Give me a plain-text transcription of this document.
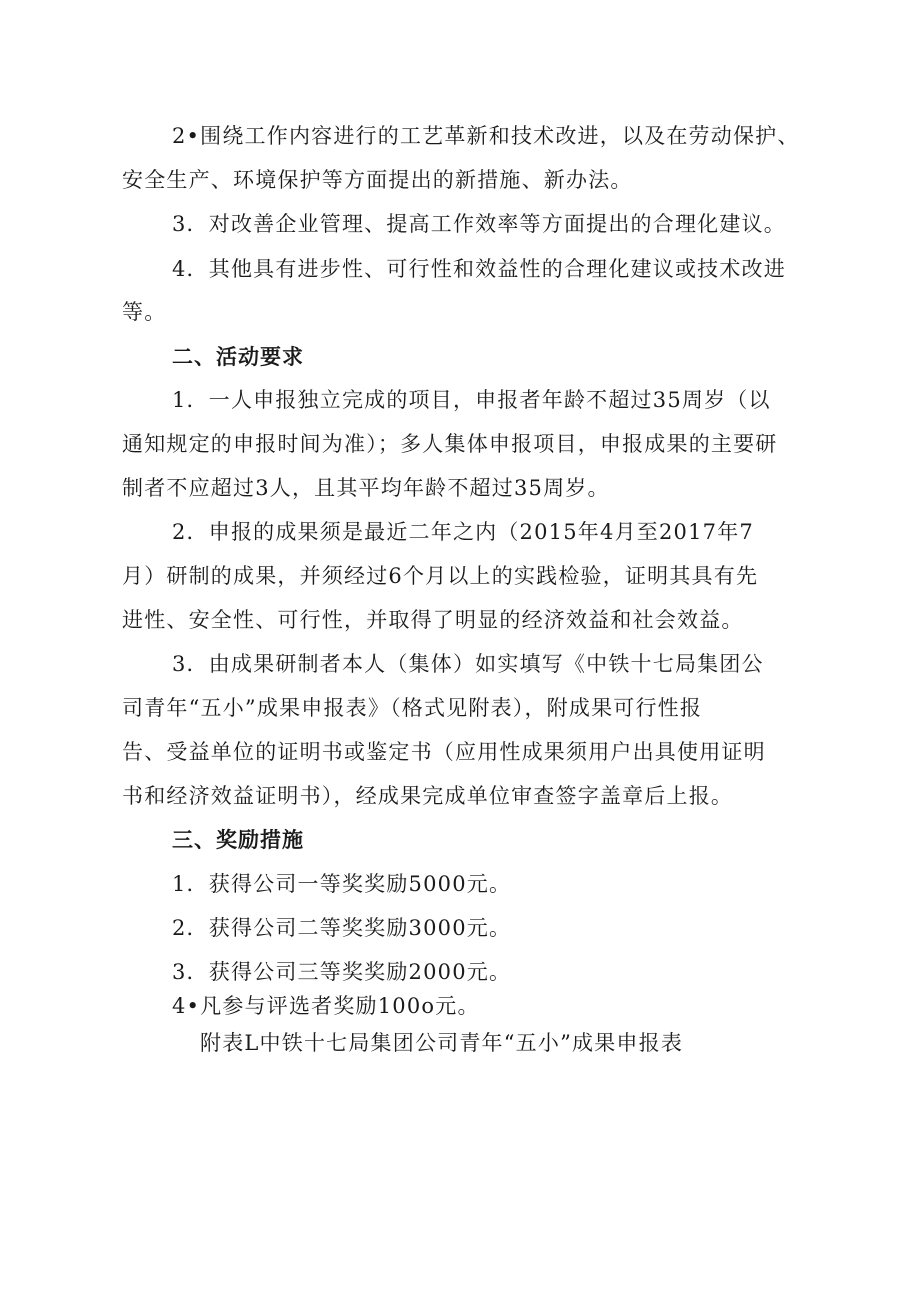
2•围绕工作内容进行的工艺革新和技术改进，以及在劳动保护、

安全生产、环境保护等方面提出的新措施、新办法。

3．对改善企业管理、提高工作效率等方面提出的合理化建议。

4．其他具有进步性、可行性和效益性的合理化建议或技术改进

等。

二、活动要求

1．一人申报独立完成的项目，申报者年龄不超过35周岁（以

通知规定的申报时间为准）；多人集体申报项目，申报成果的主要研

制者不应超过3人，且其平均年龄不超过35周岁。

2．申报的成果须是最近二年之内（2015年4月至2017年7

月）研制的成果，并须经过6个月以上的实践检验，证明其具有先

进性、安全性、可行性，并取得了明显的经济效益和社会效益。

3．由成果研制者本人（集体）如实填写《中铁十七局集团公

司青年“五小”成果申报表》（格式见附表），附成果可行性报

告、受益单位的证明书或鉴定书（应用性成果须用户出具使用证明

书和经济效益证明书），经成果完成单位审查签字盖章后上报。

三、奖励措施

1．获得公司一等奖奖励5000元。

2．获得公司二等奖奖励3000元。

3．获得公司三等奖奖励2000元。

4•凡参与评选者奖励100o元。

附表L中铁十七局集团公司青年“五小”成果申报表
